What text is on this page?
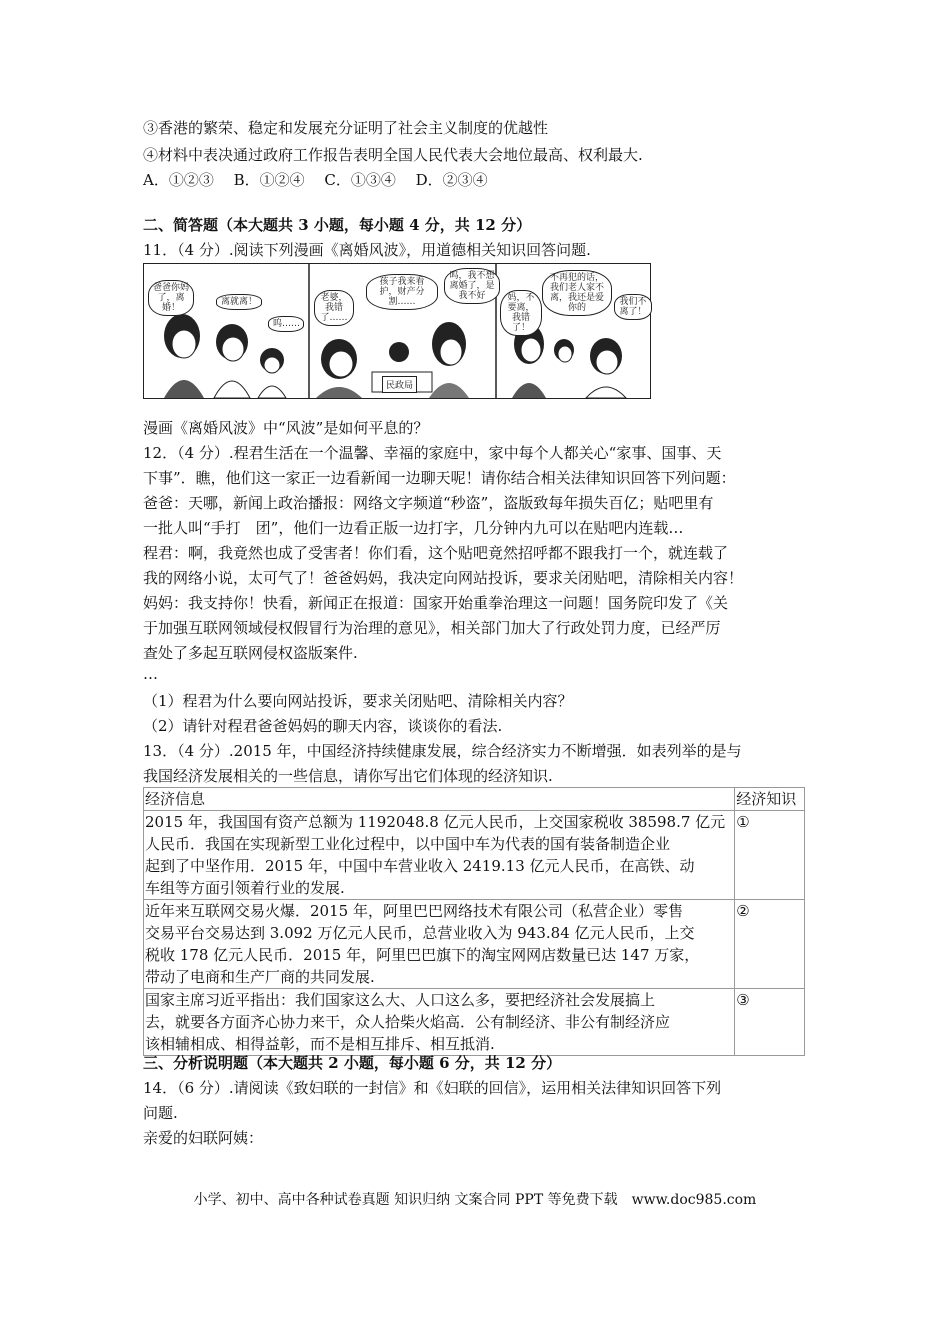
③香港的繁荣、稳定和发展充分证明了社会主义制度的优越性
④材料中表决通过政府工作报告表明全国人民代表大会地位最高、权利最大.
A．①②③　 B．①②④　 C．①③④　 D．②③④
二、简答题（本大题共 3 小题，每小题 4 分，共 12 分）
11．（4 分）.阅读下列漫画《离婚风波》，用道德相关知识回答问题.
爸爸你妈了，离婚！
离就离！
呜……
老婆，我错了……
孩子我来看护，财产分割……
呜，我不想离婚了，是我不好
民政局
妈，不要离，我错了！
不再犯的话，我们老人家不离，我还是爱你的
我们不离了！
漫画《离婚风波》中“风波”是如何平息的？
12．（4 分）.程君生活在一个温馨、幸福的家庭中，家中每个人都关心“家事、国事、天
下事”．瞧，他们这一家正一边看新闻一边聊天呢！请你结合相关法律知识回答下列问题：
爸爸：天哪，新闻上政治播报：网络文字频道“秒盗”，盗版致每年损失百亿；贴吧里有
一批人叫“手打　团”，他们一边看正版一边打字，几分钟内九可以在贴吧内连载…
程君：啊，我竟然也成了受害者！你们看，这个贴吧竟然招呼都不跟我打一个，就连载了
我的网络小说，太可气了！爸爸妈妈，我决定向网站投诉，要求关闭贴吧，清除相关内容！
妈妈：我支持你！快看，新闻正在报道：国家开始重拳治理这一问题！国务院印发了《关
于加强互联网领域侵权假冒行为治理的意见》，相关部门加大了行政处罚力度，已经严厉
查处了多起互联网侵权盗版案件.
…
（1）程君为什么要向网站投诉，要求关闭贴吧、清除相关内容？
（2）请针对程君爸爸妈妈的聊天内容，谈谈你的看法.
13．（4 分）.2015 年，中国经济持续健康发展，综合经济实力不断增强．如表列举的是与
我国经济发展相关的一些信息，请你写出它们体现的经济知识.
经济信息	经济知识

2015 年，我国国有资产总额为 1192048.8 亿元人民币，上交国家税收 38598.7 亿元
人民币．我国在实现新型工业化过程中，以中国中车为代表的国有装备制造企业
起到了中坚作用．2015 年，中国中车营业收入 2419.13 亿元人民币，在高铁、动
车组等方面引领着行业的发展.	①

近年来互联网交易火爆．2015 年，阿里巴巴网络技术有限公司（私营企业）零售
交易平台交易达到 3.092 万亿元人民币，总营业收入为 943.84 亿元人民币，上交
税收 178 亿元人民币．2015 年，阿里巴巴旗下的淘宝网网店数量已达 147 万家，
带动了电商和生产厂商的共同发展.	②

国家主席习近平指出：我们国家这么大、人口这么多，要把经济社会发展搞上
去，就要各方面齐心协力来干，众人拾柴火焰高．公有制经济、非公有制经济应
该相辅相成、相得益彰，而不是相互排斥、相互抵消.	③
三、分析说明题（本大题共 2 小题，每小题 6 分，共 12 分）
14．（6 分）.请阅读《致妇联的一封信》和《妇联的回信》，运用相关法律知识回答下列
问题.
亲爱的妇联阿姨：
小学、初中、高中各种试卷真题 知识归纳 文案合同 PPT 等免费下载　www.doc985.com
